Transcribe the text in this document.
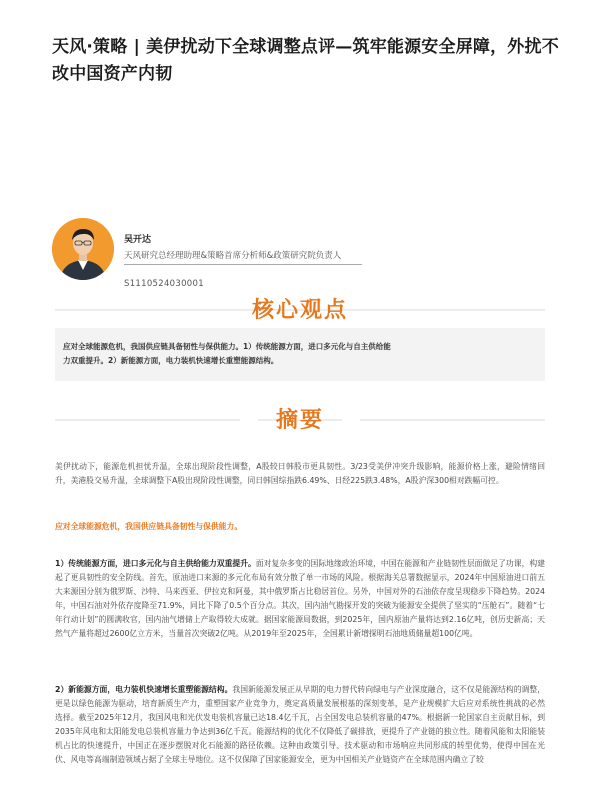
天风·策略 | 美伊扰动下全球调整点评—筑牢能源安全屏障，外扰不改中国资产内韧
吴开达
天风研究总经理助理&策略首席分析师&政策研究院负责人
S1110524030001
核心观点
应对全球能源危机，我国供应链具备韧性与保供能力。1）传统能源方面，进口多元化与自主供给能力双重提升。2）新能源方面，电力装机快速增长重塑能源结构。
摘要
美伊扰动下，能源危机担忧升温，全球出现阶段性调整，A股较日韩股市更具韧性。3/23受美伊冲突升级影响，能源价格上涨，避险情绪回升，美港股交易升温，全球调整下A股出现阶段性调整，同日韩国综指跌6.49%、日经225跌3.48%，A股沪深300相对跌幅可控。
应对全球能源危机，我国供应链具备韧性与保供能力。
1）传统能源方面，进口多元化与自主供给能力双重提升。面对复杂多变的国际地缘政治环境，中国在能源和产业链韧性层面做足了功课，构建起了更具韧性的安全防线。首先，原油进口来源的多元化布局有效分散了单一市场的风险。根据海关总署数据显示，2024年中国原油进口前五大来源国分别为俄罗斯、沙特、马来西亚、伊拉克和阿曼，其中俄罗斯占比稳居首位。另外，中国对外的石油依存度呈现稳步下降趋势。2024年，中国石油对外依存度降至71.9%，同比下降了0.5个百分点。其次，国内油气勘探开发的突破为能源安全提供了坚实的“压舱石”。随着“七年行动计划”的圆满收官，国内油气增储上产取得较大成就。据国家能源局数据，到2025年，国内原油产量将达到2.16亿吨，创历史新高；天然气产量将超过2600亿立方米，当量首次突破2亿吨。从2019年至2025年，全国累计新增探明石油地质储量超100亿吨。
2）新能源方面，电力装机快速增长重塑能源结构。我国新能源发展正从早期的电力替代转向绿电与产业深度融合，这不仅是能源结构的调整，更是以绿色能源为驱动，培育新质生产力，重塑国家产业竞争力，奠定高质量发展根基的深刻变革，是产业规模扩大后应对系统性挑战的必然选择。截至2025年12月，我国风电和光伏发电装机容量已达18.4亿千瓦，占全国发电总装机容量的47%。根据新一轮国家自主贡献目标，到2035年风电和太阳能发电总装机容量力争达到36亿千瓦。能源结构的优化不仅降低了碳排放，更提升了产业链的独立性。随着风能和太阳能装机占比的快速提升，中国正在逐步摆脱对化石能源的路径依赖。这种由政策引导、技术驱动和市场响应共同形成的转型优势，使得中国在光伏、风电等高端制造领域占据了全球主导地位。这不仅保障了国家能源安全，更为中国相关产业链资产在全球范围内确立了较
